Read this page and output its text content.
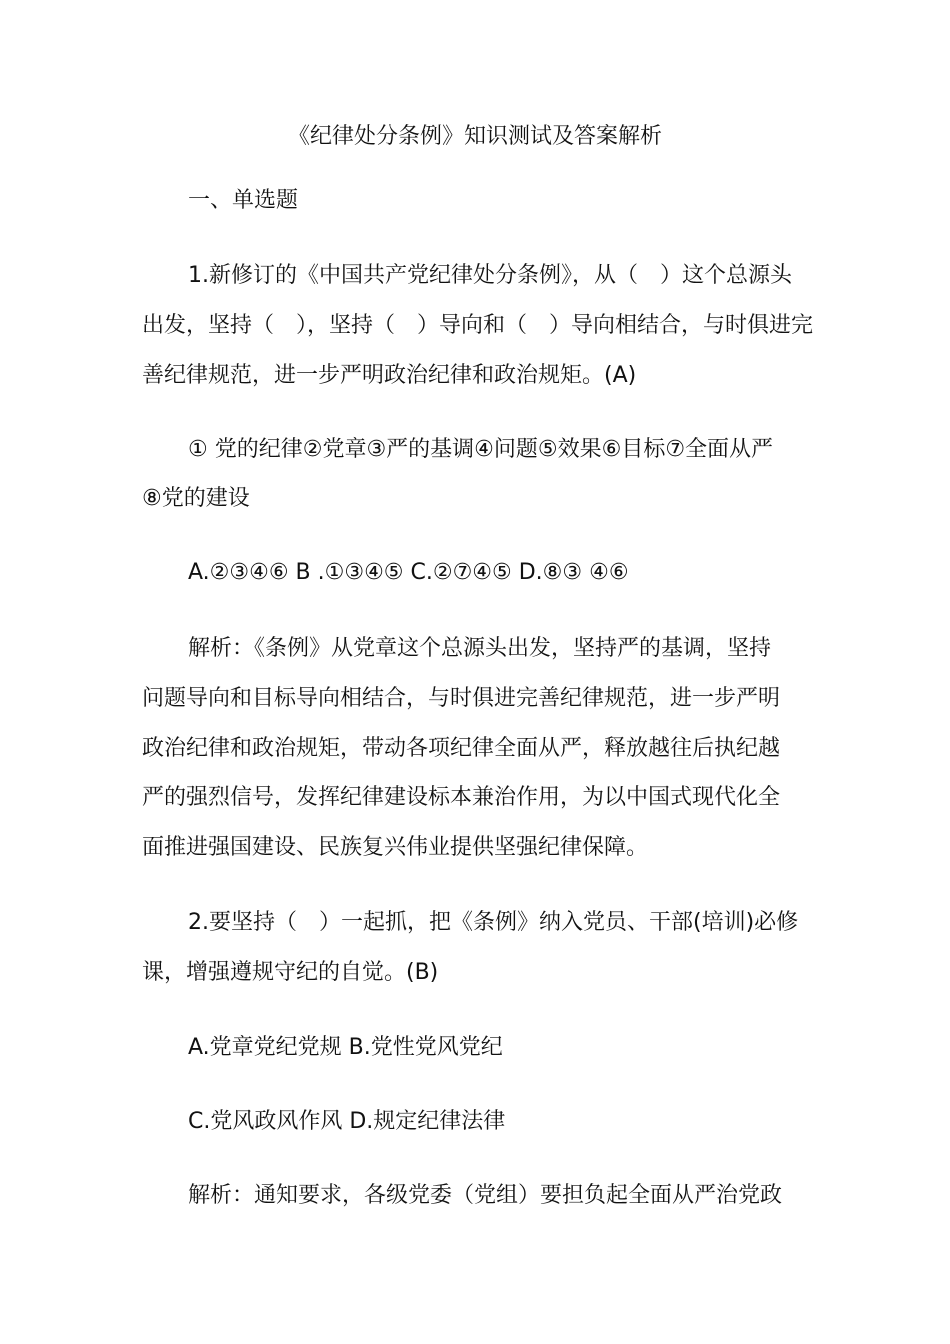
《纪律处分条例》知识测试及答案解析
一、单选题
1.新修订的《中国共产党纪律处分条例》，从（　）这个总源头
出发，坚持（　），坚持（　）导向和（　）导向相结合，与时俱进完
善纪律规范，进一步严明政治纪律和政治规矩。(A)
① 党的纪律②党章③严的基调④问题⑤效果⑥目标⑦全面从严
⑧党的建设
A.②③④⑥ B .①③④⑤ C.②⑦④⑤ D.⑧③ ④⑥
解析：《条例》从党章这个总源头出发，坚持严的基调，坚持
问题导向和目标导向相结合，与时俱进完善纪律规范，进一步严明
政治纪律和政治规矩，带动各项纪律全面从严，释放越往后执纪越
严的强烈信号，发挥纪律建设标本兼治作用，为以中国式现代化全
面推进强国建设、民族复兴伟业提供坚强纪律保障。
2.要坚持（　）一起抓，把《条例》纳入党员、干部(培训)必修
课，增强遵规守纪的自觉。(B)
A.党章党纪党规 B.党性党风党纪
C.党风政风作风 D.规定纪律法律
解析：通知要求，各级党委（党组）要担负起全面从严治党政
